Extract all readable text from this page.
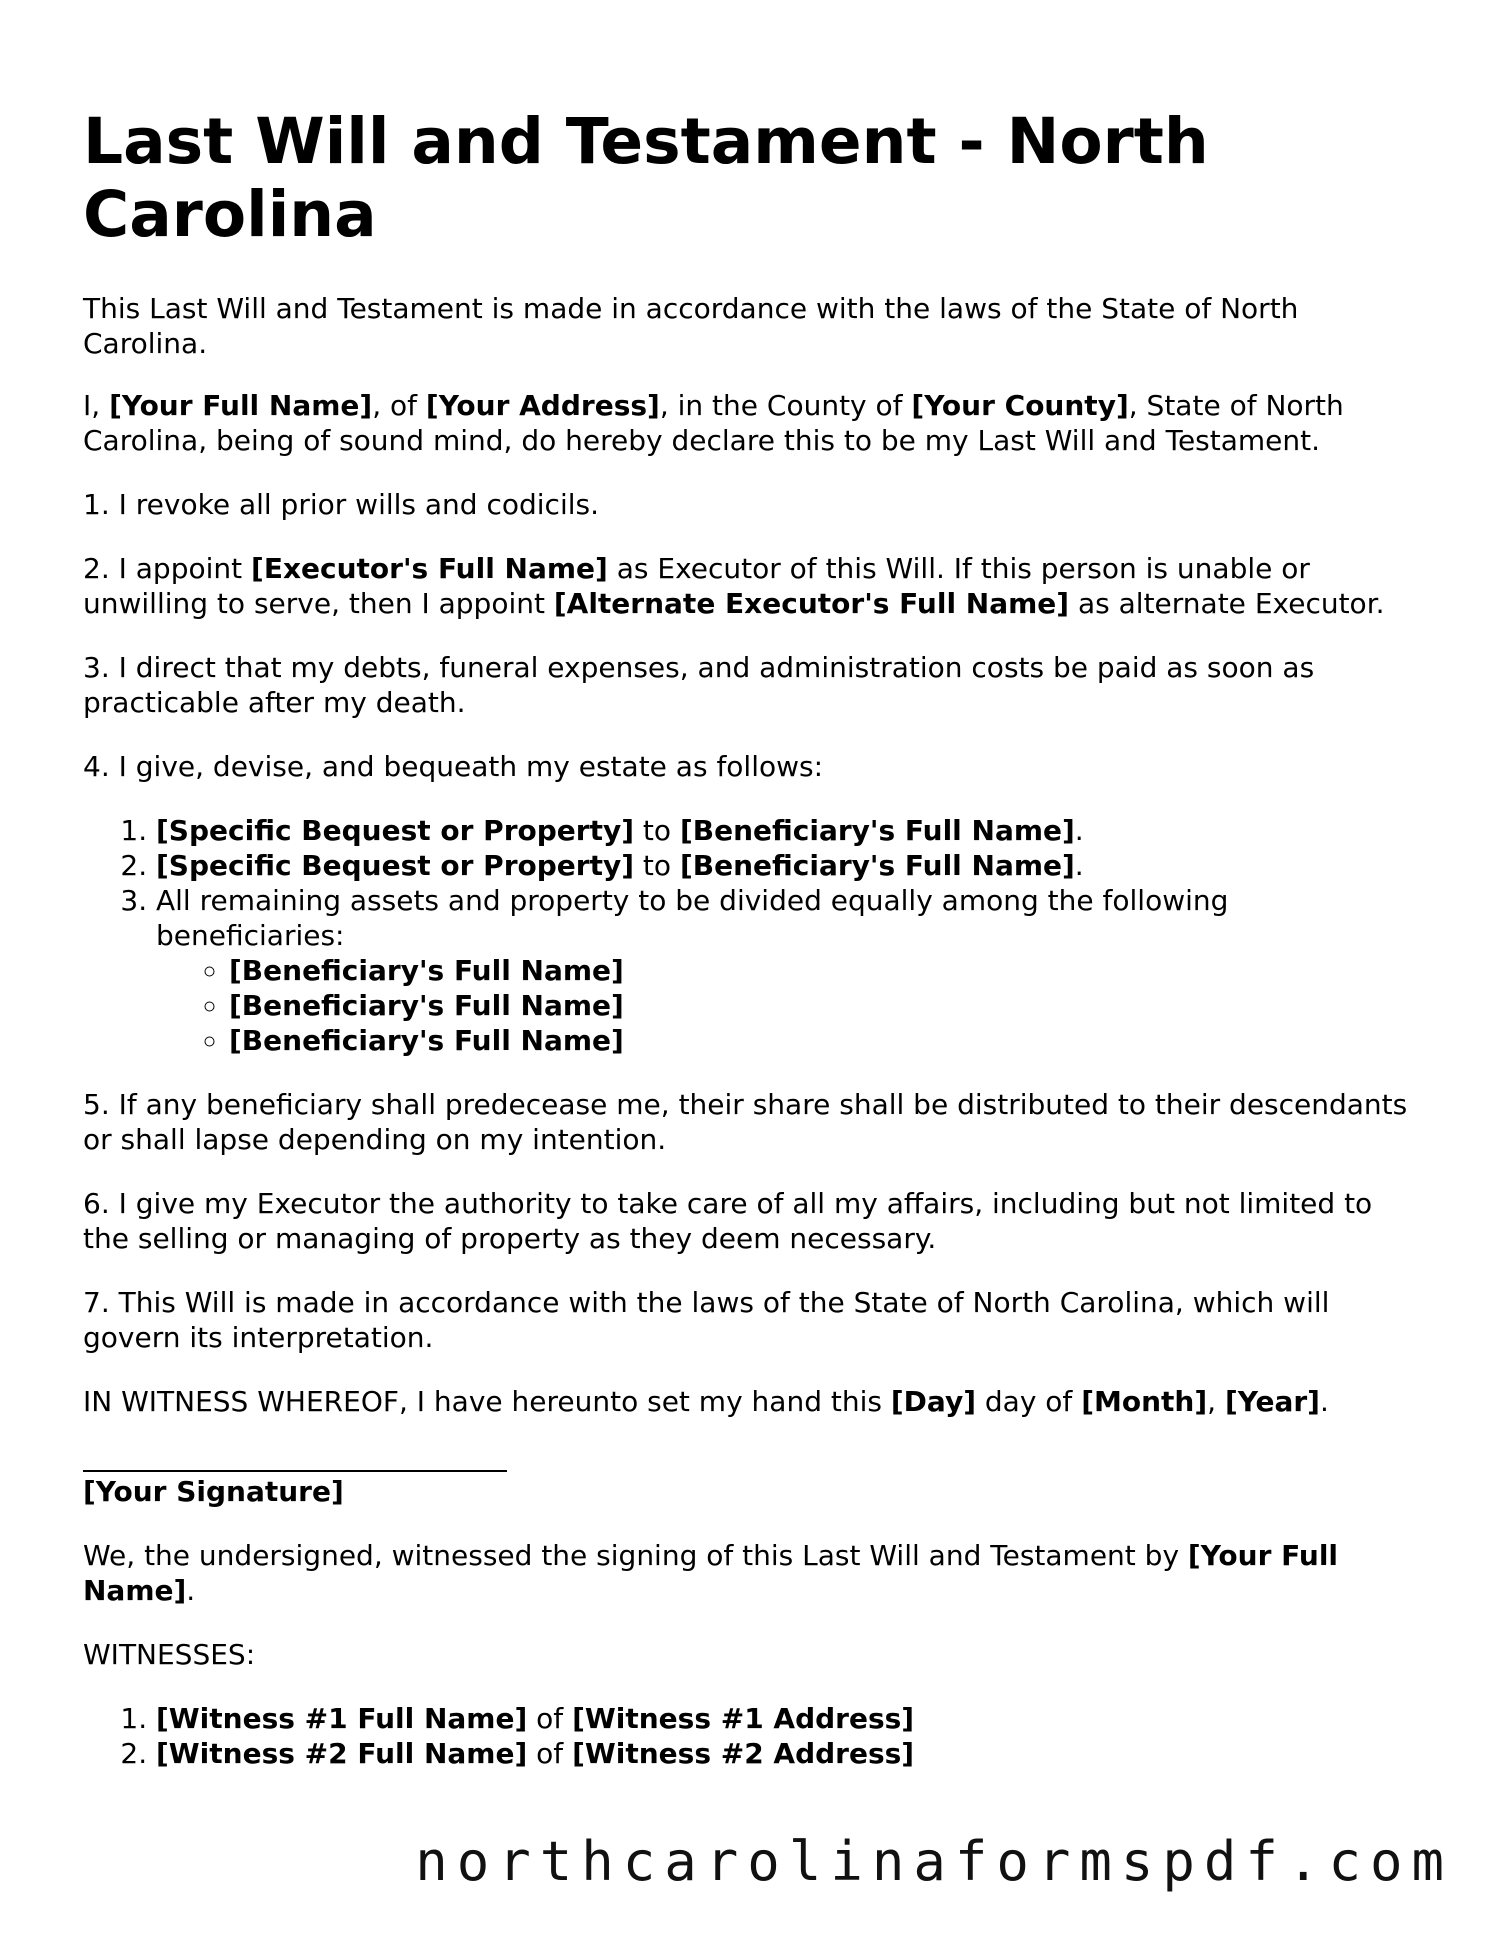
Last Will and Testament - North Carolina

This Last Will and Testament is made in accordance with the laws of the State of North Carolina.

I, [Your Full Name], of [Your Address], in the County of [Your County], State of North Carolina, being of sound mind, do hereby declare this to be my Last Will and Testament.

1. I revoke all prior wills and codicils.

2. I appoint [Executor's Full Name] as Executor of this Will. If this person is unable or unwilling to serve, then I appoint [Alternate Executor's Full Name] as alternate Executor.

3. I direct that my debts, funeral expenses, and administration costs be paid as soon as practicable after my death.

4. I give, devise, and bequeath my estate as follows:

1. [Specific Bequest or Property] to [Beneficiary's Full Name].
2. [Specific Bequest or Property] to [Beneficiary's Full Name].
3. All remaining assets and property to be divided equally among the following beneficiaries:
◦ [Beneficiary's Full Name]
◦ [Beneficiary's Full Name]
◦ [Beneficiary's Full Name]

5. If any beneficiary shall predecease me, their share shall be distributed to their descendants or shall lapse depending on my intention.

6. I give my Executor the authority to take care of all my affairs, including but not limited to the selling or managing of property as they deem necessary.

7. This Will is made in accordance with the laws of the State of North Carolina, which will govern its interpretation.

IN WITNESS WHEREOF, I have hereunto set my hand this [Day] day of [Month], [Year].

[Your Signature]

We, the undersigned, witnessed the signing of this Last Will and Testament by [Your Full Name].

WITNESSES:

1. [Witness #1 Full Name] of [Witness #1 Address]
2. [Witness #2 Full Name] of [Witness #2 Address]
northcarolinaformspdf.com
